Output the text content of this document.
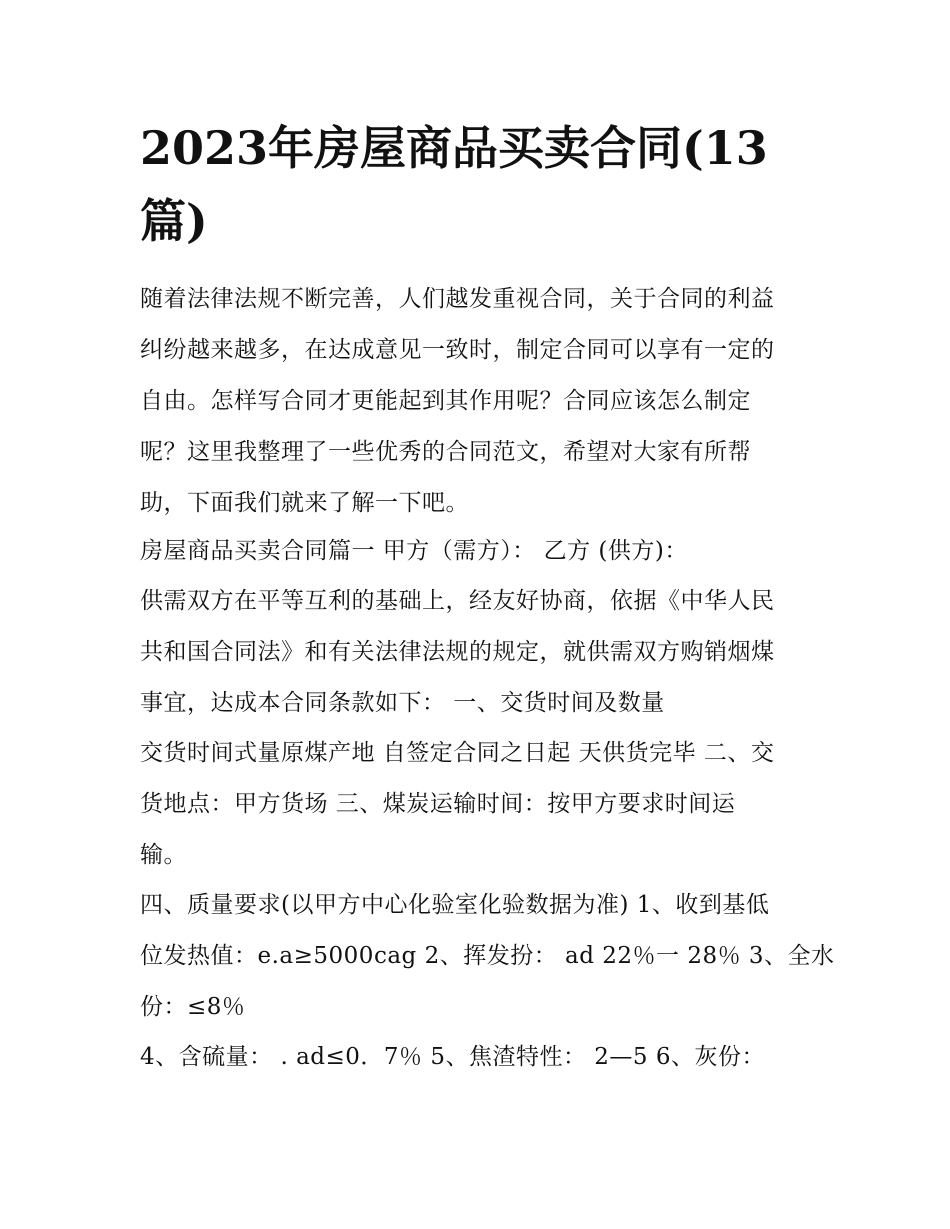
2023年房屋商品买卖合同(13
篇)
随着法律法规不断完善，人们越发重视合同，关于合同的利益
纠纷越来越多，在达成意见一致时，制定合同可以享有一定的
自由。怎样写合同才更能起到其作用呢？合同应该怎么制定
呢？这里我整理了一些优秀的合同范文，希望对大家有所帮
助，下面我们就来了解一下吧。
房屋商品买卖合同篇一 甲方（需方）： 乙方 (供方)：
供需双方在平等互利的基础上，经友好协商，依据《中华人民
共和国合同法》和有关法律法规的规定，就供需双方购销烟煤
事宜，达成本合同条款如下： 一、交货时间及数量
交货时间式量原煤产地 自签定合同之日起 天供货完毕 二、交
货地点：甲方货场 三、煤炭运输时间：按甲方要求时间运
输。
四、质量要求(以甲方中心化验室化验数据为准) 1、收到基低
位发热值：e.a≥5000cag 2、挥发扮： ad 22％一 28％ 3、全水
份：≤8％
4、含硫量： . ad≤0．7％ 5、焦渣特性： 2—5 6、灰份：
